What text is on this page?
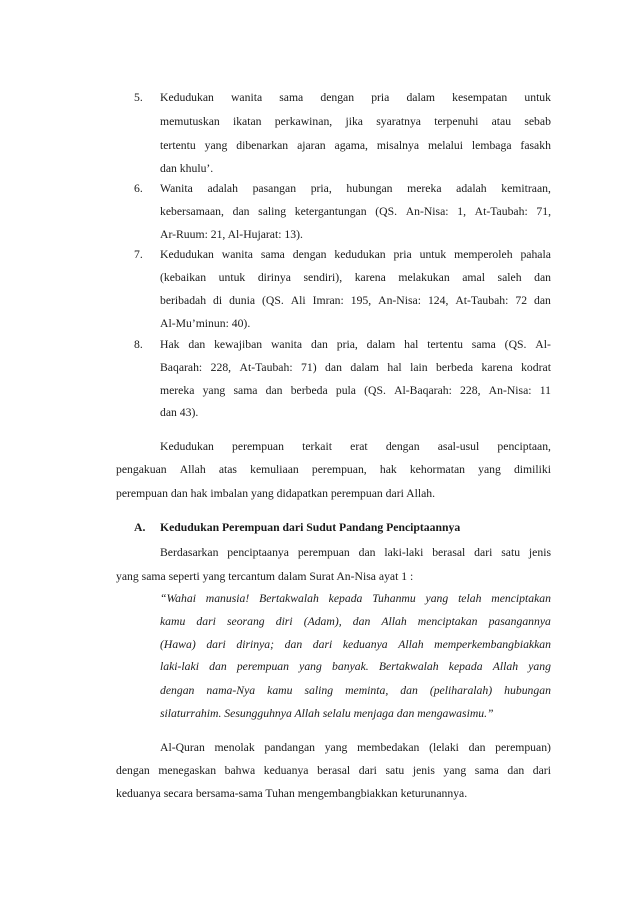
5. Kedudukan wanita sama dengan pria dalam kesempatan untuk
memutuskan ikatan perkawinan, jika syaratnya terpenuhi atau sebab
tertentu yang dibenarkan ajaran agama, misalnya melalui lembaga fasakh
dan khulu’.
6. Wanita adalah pasangan pria, hubungan mereka adalah kemitraan,
kebersamaan, dan saling ketergantungan (QS. An-Nisa: 1, At-Taubah: 71,
Ar-Ruum: 21, Al-Hujarat: 13).
7. Kedudukan wanita sama dengan kedudukan pria untuk memperoleh pahala
(kebaikan untuk dirinya sendiri), karena melakukan amal saleh dan
beribadah di dunia (QS. Ali Imran: 195, An-Nisa: 124, At-Taubah: 72 dan
Al-Mu’minun: 40).
8. Hak dan kewajiban wanita dan pria, dalam hal tertentu sama (QS. Al-
Baqarah: 228, At-Taubah: 71) dan dalam hal lain berbeda karena kodrat
mereka yang sama dan berbeda pula (QS. Al-Baqarah: 228, An-Nisa: 11
dan 43).
Kedudukan perempuan terkait erat dengan asal-usul penciptaan,
pengakuan Allah atas kemuliaan perempuan, hak kehormatan yang dimiliki
perempuan dan hak imbalan yang didapatkan perempuan dari Allah.
A. Kedudukan Perempuan dari Sudut Pandang Penciptaannya
Berdasarkan penciptaanya perempuan dan laki-laki berasal dari satu jenis
yang sama seperti yang tercantum dalam Surat An-Nisa ayat 1 :
“Wahai manusia! Bertakwalah kepada Tuhanmu yang telah menciptakan
kamu dari seorang diri (Adam), dan Allah menciptakan pasangannya
(Hawa) dari dirinya; dan dari keduanya Allah memperkembangbiakkan
laki-laki dan perempuan yang banyak. Bertakwalah kepada Allah yang
dengan nama-Nya kamu saling meminta, dan (peliharalah) hubungan
silaturrahim. Sesungguhnya Allah selalu menjaga dan mengawasimu.”
Al-Quran menolak pandangan yang membedakan (lelaki dan perempuan)
dengan menegaskan bahwa keduanya berasal dari satu jenis yang sama dan dari
keduanya secara bersama-sama Tuhan mengembangbiakkan keturunannya.
